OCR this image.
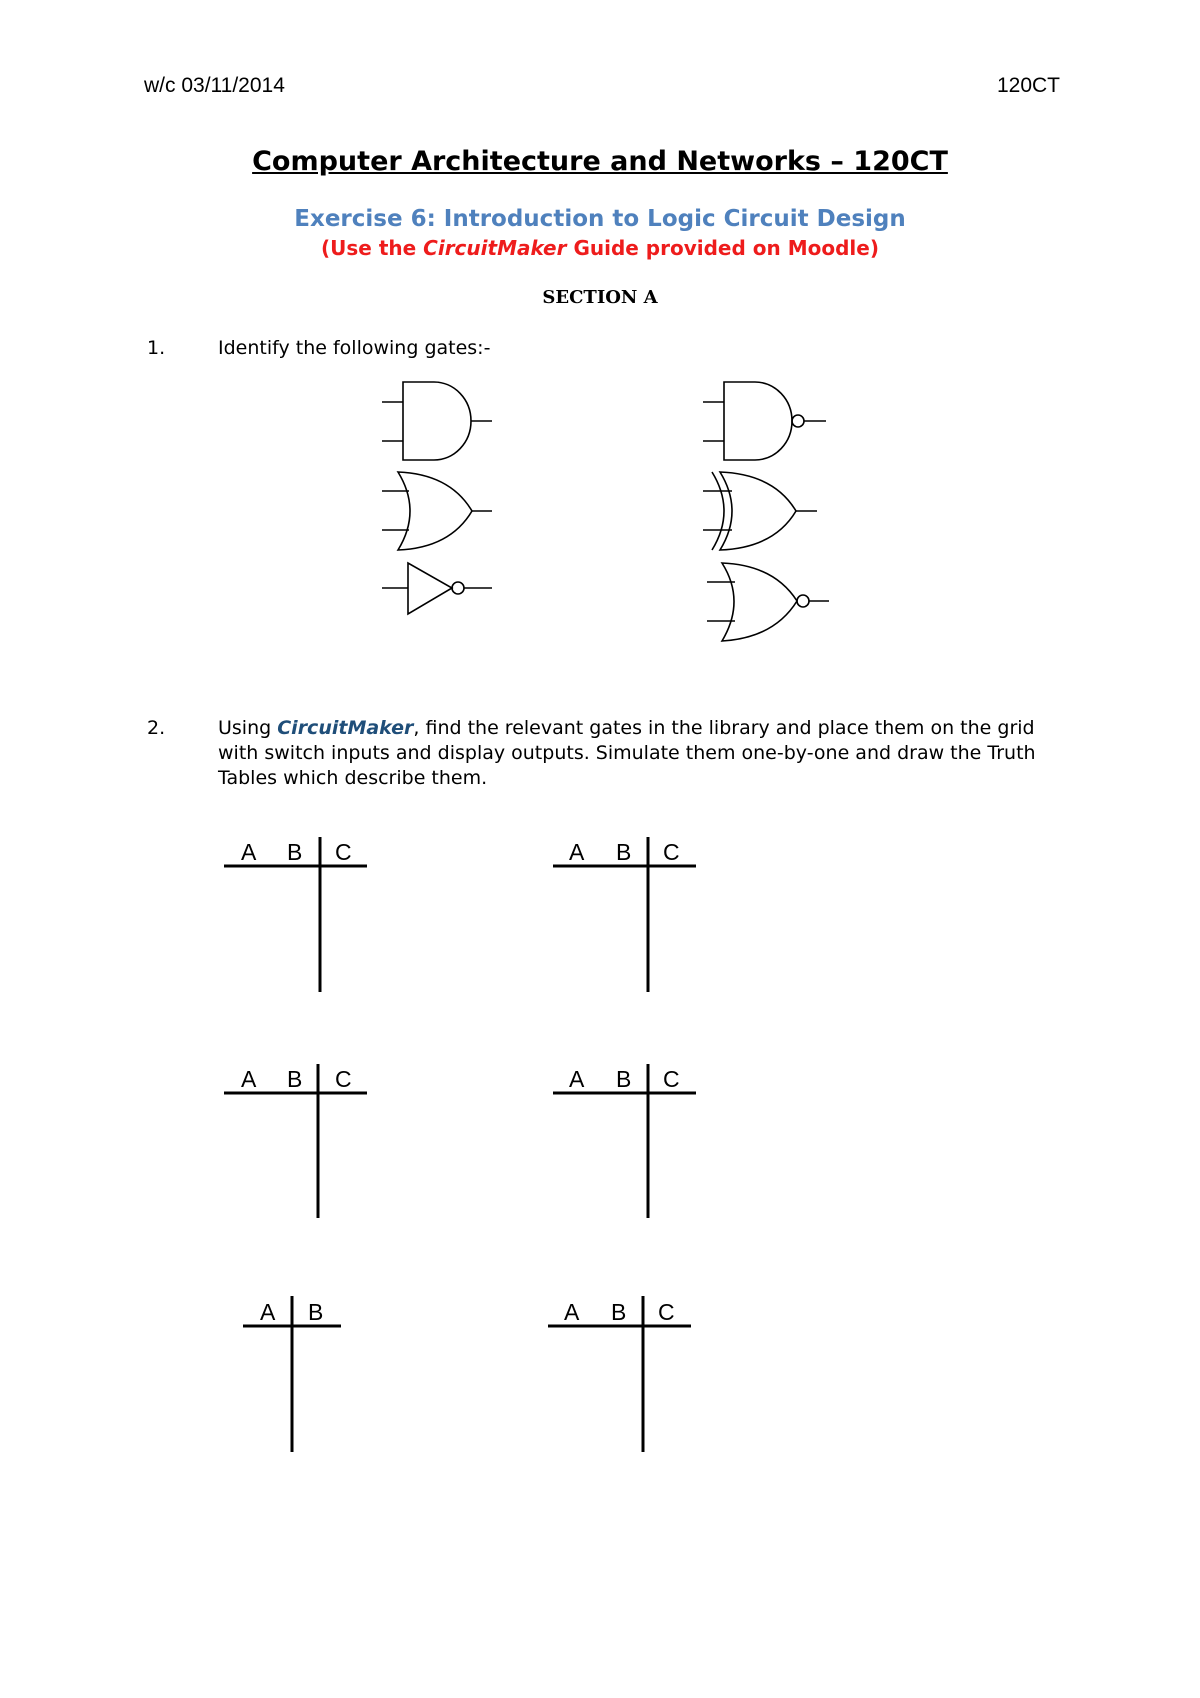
w/c 03/11/2014	120CT
Computer Architecture and Networks – 120CT
Exercise 6: Introduction to Logic Circuit Design
(Use the CircuitMaker Guide provided on Moodle)
SECTION A
1.	Identify the following gates:-
A B C	A B C
A B C	A B C
A B	A B C
2.	Using CircuitMaker, find the relevant gates in the library and place them on the grid with switch inputs and display outputs. Simulate them one-by-one and draw the Truth Tables which describe them.
